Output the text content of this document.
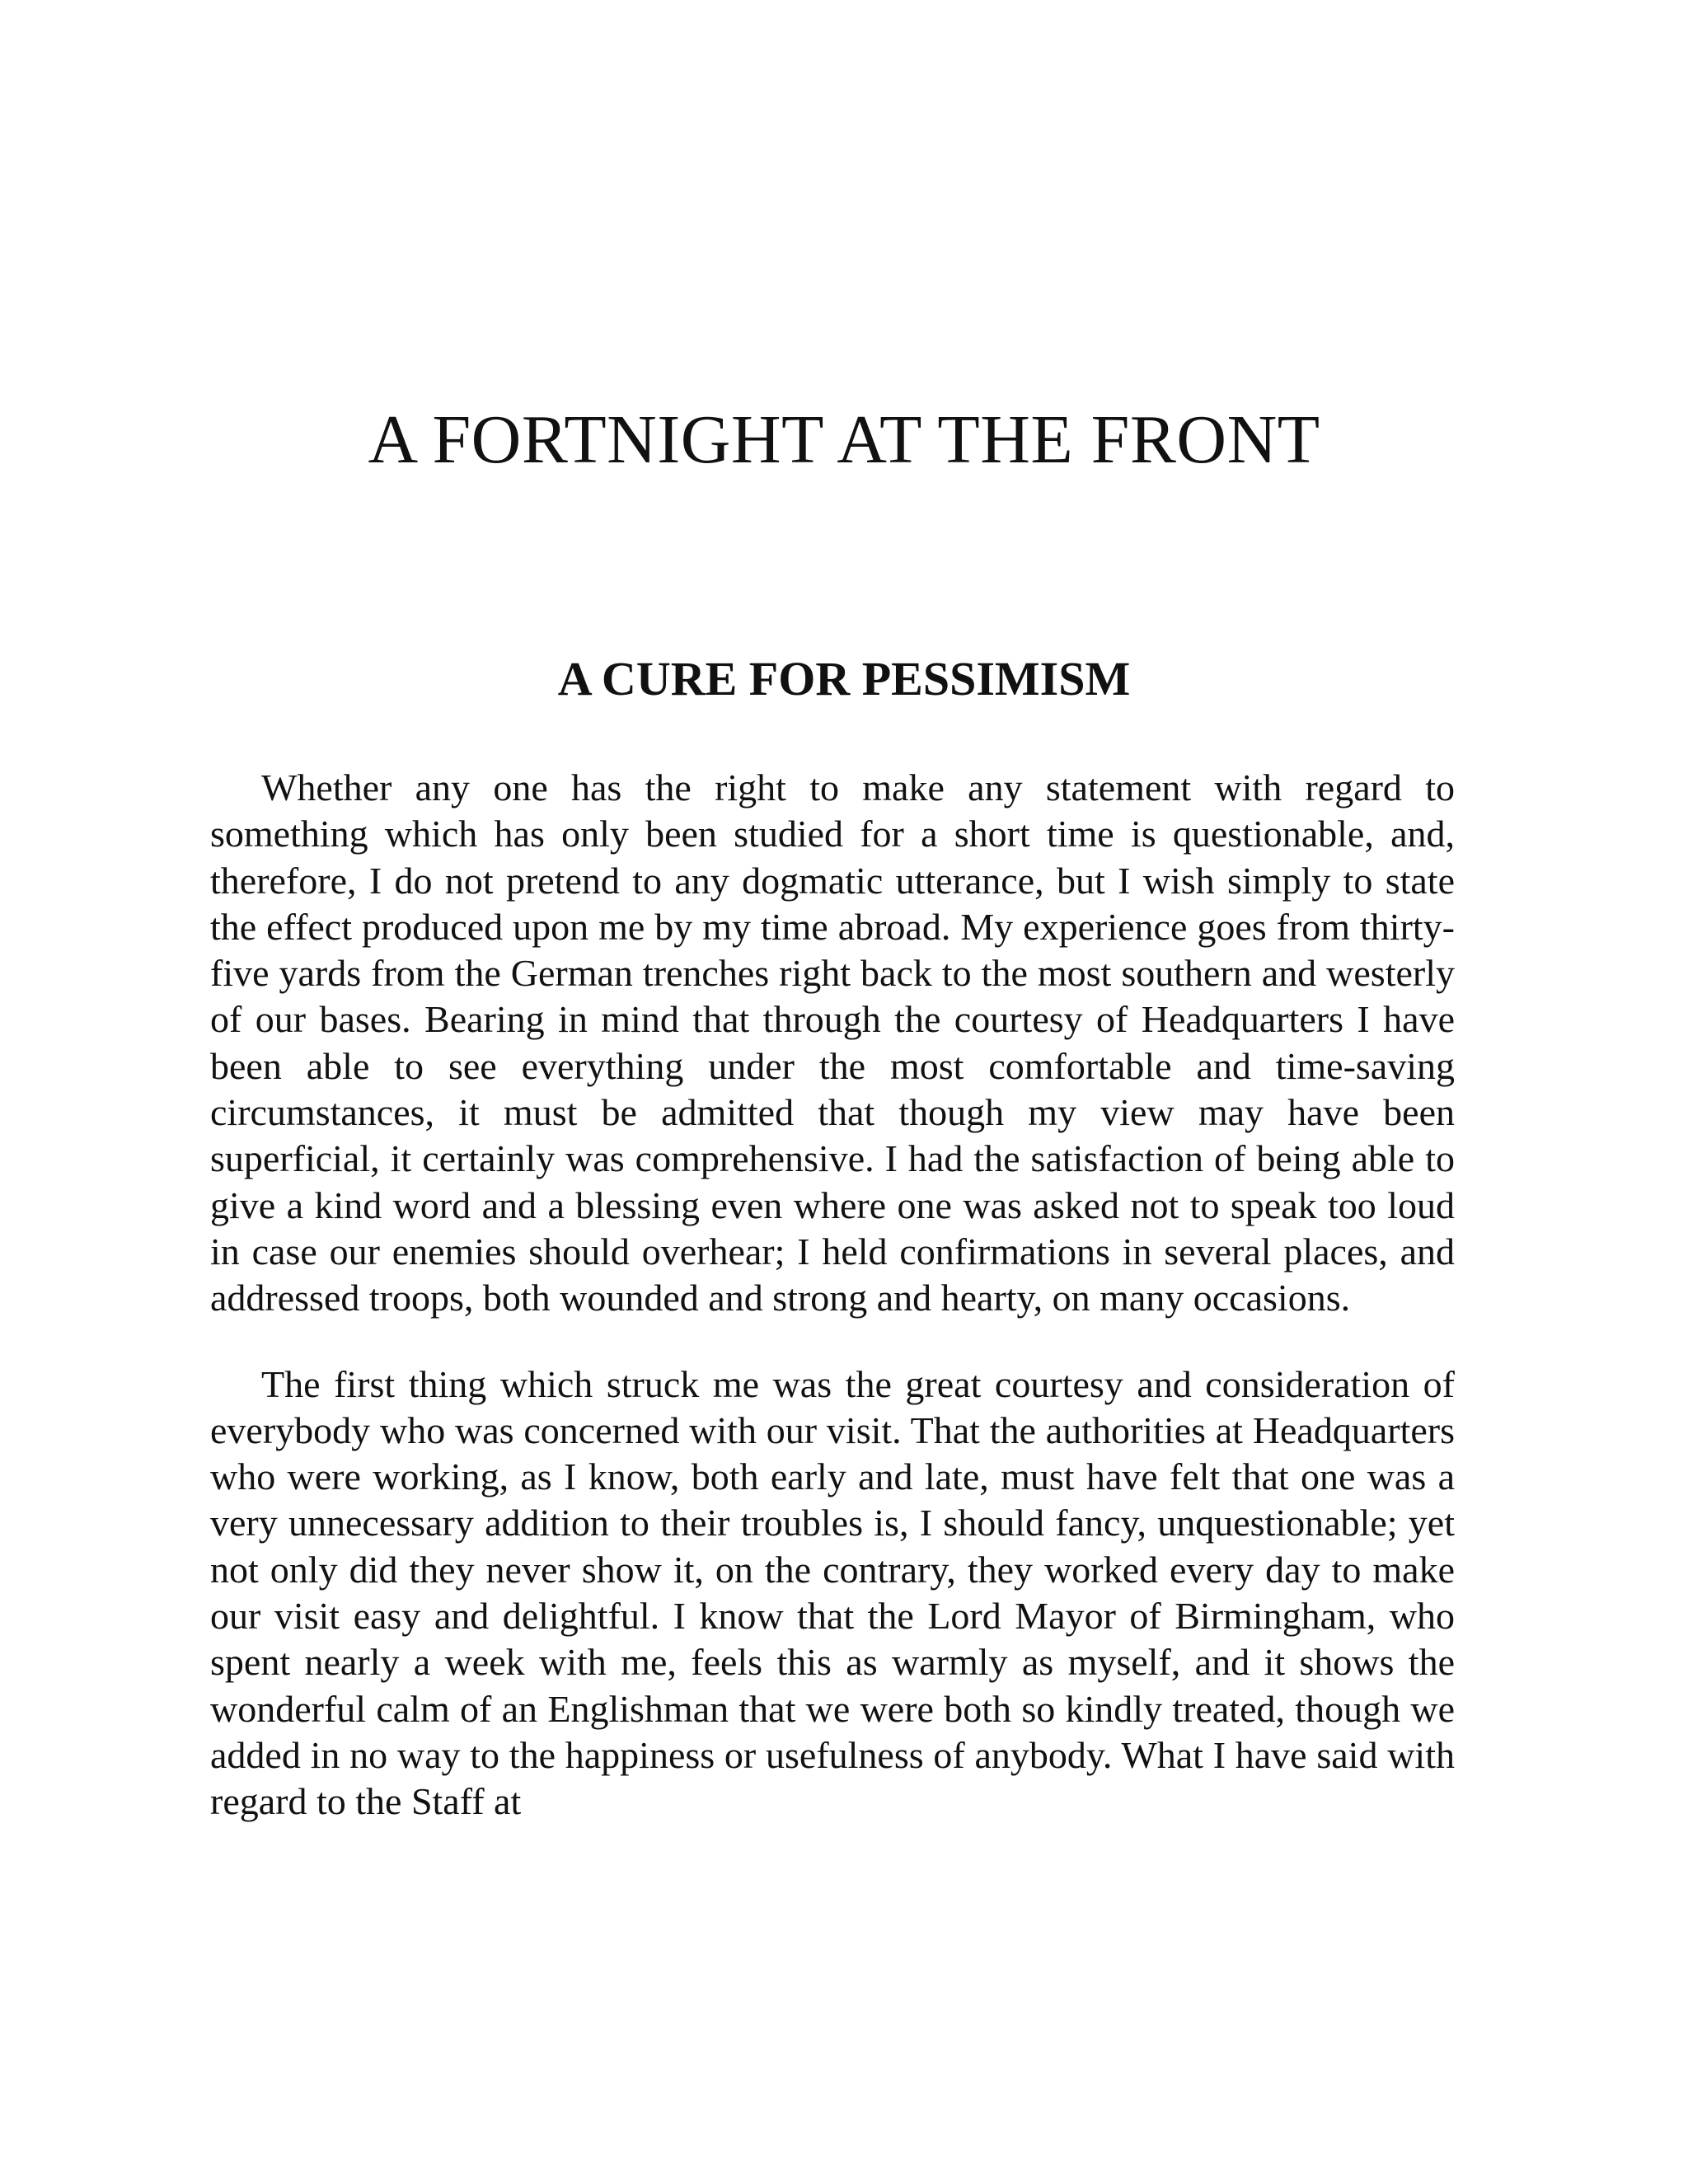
A FORTNIGHT AT THE FRONT
A CURE FOR PESSIMISM

Whether any one has the right to make any statement with regard to something which has only been studied for a short time is questionable, and, therefore, I do not pretend to any dogmatic utterance, but I wish simply to state the effect produced upon me by my time abroad. My experience goes from thirty-five yards from the German trenches right back to the most southern and westerly of our bases. Bearing in mind that through the courtesy of Headquarters I have been able to see everything under the most comfortable and time-saving circumstances, it must be admitted that though my view may have been superficial, it certainly was comprehensive. I had the satisfaction of being able to give a kind word and a blessing even where one was asked not to speak too loud in case our enemies should overhear; I held confirmations in several places, and addressed troops, both wounded and strong and hearty, on many occasions.

The first thing which struck me was the great courtesy and consideration of everybody who was concerned with our visit. That the authorities at Headquarters who were working, as I know, both early and late, must have felt that one was a very unnecessary addition to their troubles is, I should fancy, unquestionable; yet not only did they never show it, on the contrary, they worked every day to make our visit easy and delightful. I know that the Lord Mayor of Birmingham, who spent nearly a week with me, feels this as warmly as myself, and it shows the wonderful calm of an Englishman that we were both so kindly treated, though we added in no way to the happiness or usefulness of anybody. What I have said with regard to the Staff at
